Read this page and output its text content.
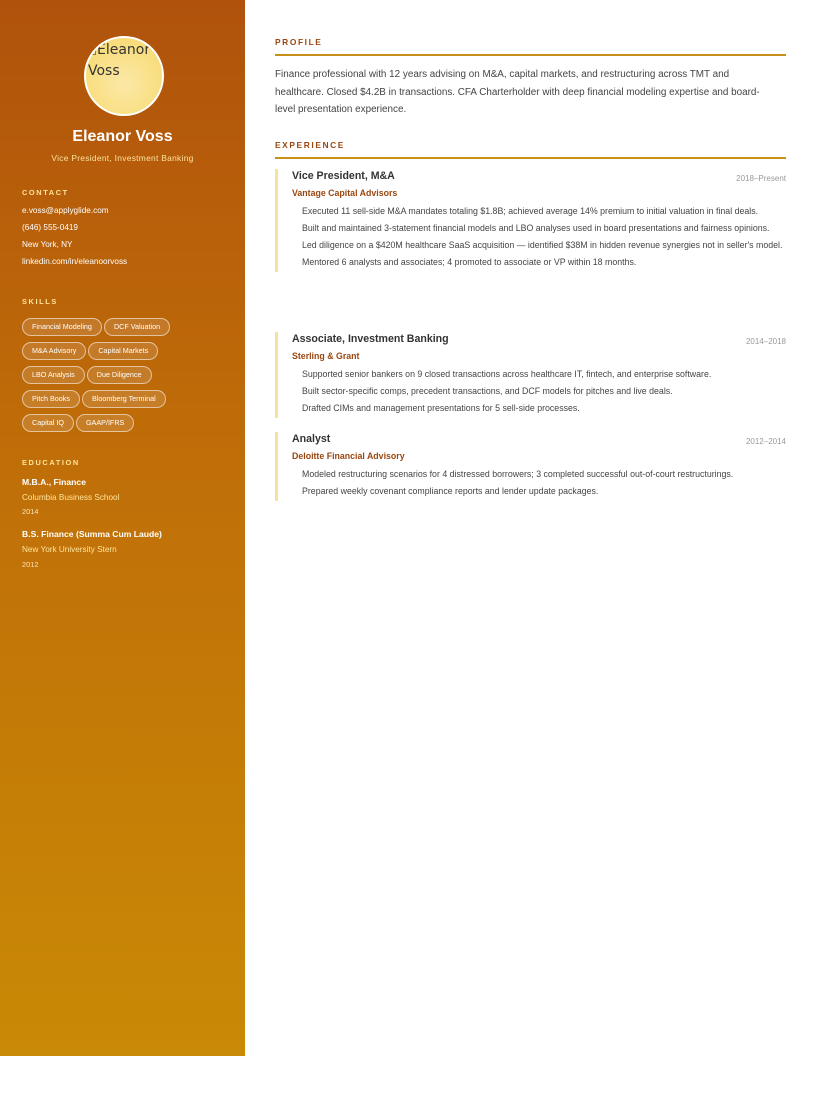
Eleanor Voss
Eleanor Voss
Vice President, Investment Banking
CONTACT
e.voss@applyglide.com
(646) 555-0419
New York, NY
linkedin.com/in/eleanoorvoss
SKILLS
Financial Modeling	DCF Valuation
M&A Advisory	Capital Markets
LBO Analysis	Due Diligence
Pitch Books	Bloomberg Terminal
Capital IQ	GAAP/IFRS
EDUCATION
M.B.A., Finance
Columbia Business School
2014
B.S. Finance (Summa Cum Laude)
New York University Stern
2012
PROFILE
Finance professional with 12 years advising on M&A, capital markets, and restructuring across TMT and healthcare. Closed $4.2B in transactions. CFA Charterholder with deep financial modeling expertise and board-level presentation experience.
EXPERIENCE
2018–Present
Vice President, M&A
Vantage Capital Advisors
Executed 11 sell-side M&A mandates totaling $1.8B; achieved average 14% premium to initial valuation in final deals.
Built and maintained 3-statement financial models and LBO analyses used in board presentations and fairness opinions.
Led diligence on a $420M healthcare SaaS acquisition — identified $38M in hidden revenue synergies not in seller's model.
Mentored 6 analysts and associates; 4 promoted to associate or VP within 18 months.
2014–2018
Associate, Investment Banking
Sterling & Grant
Supported senior bankers on 9 closed transactions across healthcare IT, fintech, and enterprise software.
Built sector-specific comps, precedent transactions, and DCF models for pitches and live deals.
Drafted CIMs and management presentations for 5 sell-side processes.
2012–2014
Analyst
Deloitte Financial Advisory
Modeled restructuring scenarios for 4 distressed borrowers; 3 completed successful out-of-court restructurings.
Prepared weekly covenant compliance reports and lender update packages.
